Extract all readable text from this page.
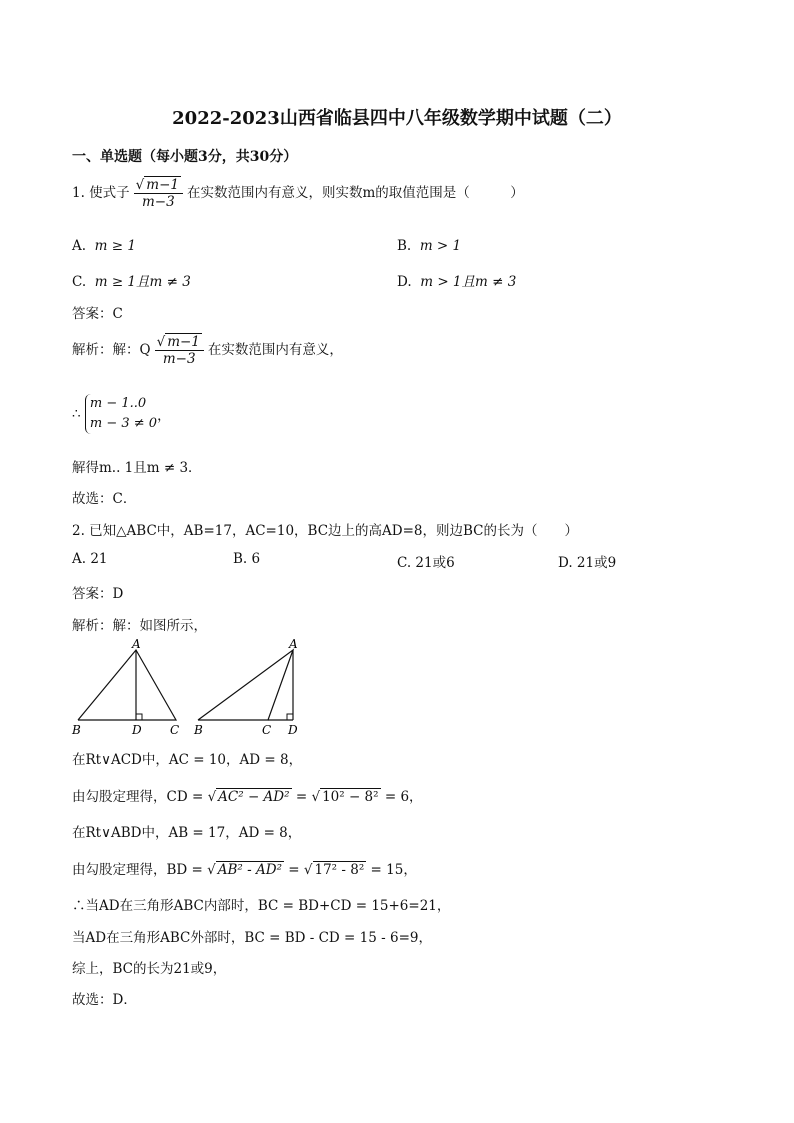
2022-2023山西省临县四中八年级数学期中试题（二）
一、单选题（每小题3分，共30分）
1. 使式子 $\frac{√ m-1}{m-3}$ 在实数范围内有意义，则实数m的取值范围是（　　　）
A. m ≥ 1	B. m > 1
C. m ≥ 1且m ≠ 3	D. m > 1且m ≠ 3
答案：C
解析：解：Q $\frac{√ m-1}{m-3}$ 在实数范围内有意义，
∴ m − 1..0
m − 3 ≠ 0，
解得m.. 1且m ≠ 3．
故选：C．
2. 已知△ABC中，AB=17，AC=10，BC边上的高AD=8，则边BC的长为（　　）
A. 21	B. 6	C. 21或6	D. 21或9
答案：D
解析：解：如图所示，
A
B	D C
A
B	C D
在Rt∨ACD中，AC = 10，AD = 8，
由勾股定理得，CD = √ AC² − AD² = √ 10² − 8² = 6，
在Rt∨ABD中，AB = 17，AD = 8，
由勾股定理得，BD = √ AB² - AD² = √ 17² - 8² = 15，
∴当AD在三角形ABC内部时，BC = BD+CD = 15+6=21，
当AD在三角形ABC外部时，BC = BD - CD = 15 - 6=9，
综上，BC的长为21或9，
故选：D．
